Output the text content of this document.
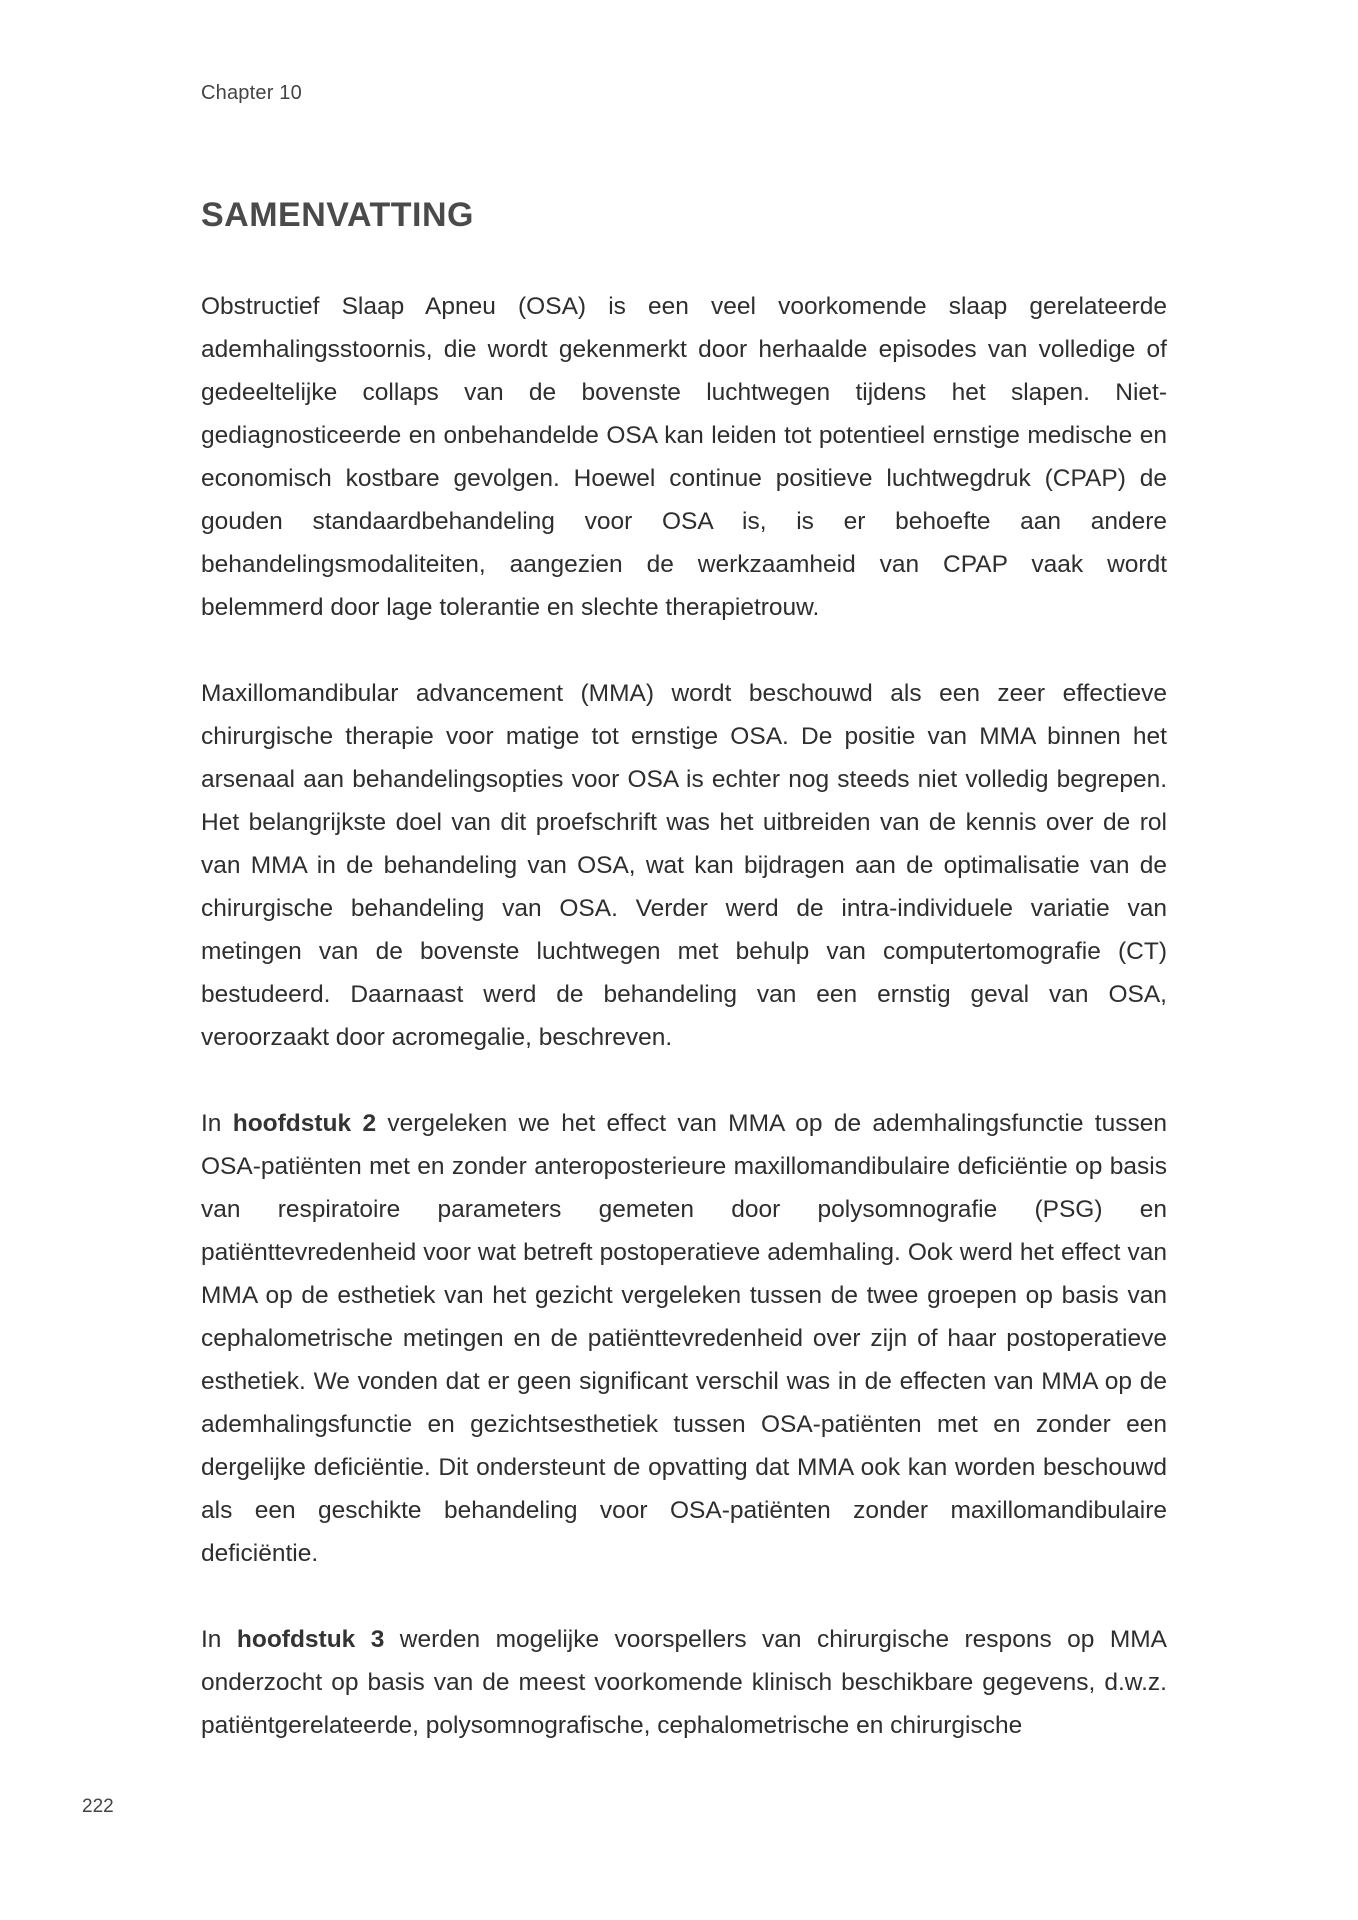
Chapter 10
SAMENVATTING

Obstructief Slaap Apneu (OSA) is een veel voorkomende slaap gerelateerde ademhalingsstoornis, die wordt gekenmerkt door herhaalde episodes van volledige of gedeeltelijke collaps van de bovenste luchtwegen tijdens het slapen. Niet-gediagnosticeerde en onbehandelde OSA kan leiden tot potentieel ernstige medische en economisch kostbare gevolgen. Hoewel continue positieve luchtwegdruk (CPAP) de gouden standaardbehandeling voor OSA is, is er behoefte aan andere behandelingsmodaliteiten, aangezien de werkzaamheid van CPAP vaak wordt belemmerd door lage tolerantie en slechte therapietrouw.

Maxillomandibular advancement (MMA) wordt beschouwd als een zeer effectieve chirurgische therapie voor matige tot ernstige OSA. De positie van MMA binnen het arsenaal aan behandelingsopties voor OSA is echter nog steeds niet volledig begrepen. Het belangrijkste doel van dit proefschrift was het uitbreiden van de kennis over de rol van MMA in de behandeling van OSA, wat kan bijdragen aan de optimalisatie van de chirurgische behandeling van OSA. Verder werd de intra-individuele variatie van metingen van de bovenste luchtwegen met behulp van computertomografie (CT) bestudeerd. Daarnaast werd de behandeling van een ernstig geval van OSA, veroorzaakt door acromegalie, beschreven.

In hoofdstuk 2 vergeleken we het effect van MMA op de ademhalingsfunctie tussen OSA-patiënten met en zonder anteroposterieure maxillomandibulaire deficiëntie op basis van respiratoire parameters gemeten door polysomnografie (PSG) en patiënttevredenheid voor wat betreft postoperatieve ademhaling. Ook werd het effect van MMA op de esthetiek van het gezicht vergeleken tussen de twee groepen op basis van cephalometrische metingen en de patiënttevredenheid over zijn of haar postoperatieve esthetiek. We vonden dat er geen significant verschil was in de effecten van MMA op de ademhalingsfunctie en gezichtsesthetiek tussen OSA-patiënten met en zonder een dergelijke deficiëntie. Dit ondersteunt de opvatting dat MMA ook kan worden beschouwd als een geschikte behandeling voor OSA-patiënten zonder maxillomandibulaire deficiëntie.

In hoofdstuk 3 werden mogelijke voorspellers van chirurgische respons op MMA onderzocht op basis van de meest voorkomende klinisch beschikbare gegevens, d.w.z. patiëntgerelateerde, polysomnografische, cephalometrische en chirurgische

222
